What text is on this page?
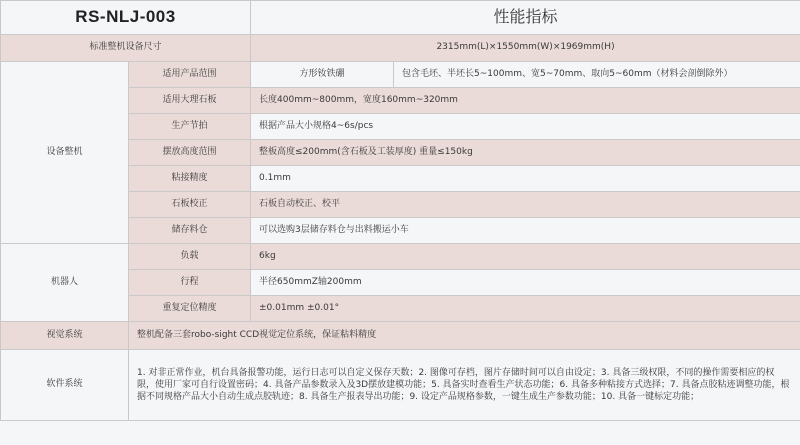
RS-NLJ-003		性能指标	
标准整机设备尺寸		2315mm(L)×1550mm(W)×1969mm(H)	
设备整机	适用产品范围	方形钕铁硼	包含毛坯、半坯长5~100mm、宽5~70mm、取向5~60mm（材料会剖倒除外）
	适用大理石板	长度400mm~800mm，宽度160mm~320mm	
	生产节拍	根据产品大小规格4~6s/pcs	
	摆放高度范围	整板高度≤200mm(含石板及工装厚度) 重量≤150kg	
	粘接精度	0.1mm	
	石板校正	石板自动校正、校平	
	储存料仓	可以选购3层储存料仓与出料搬运小车	
机器人	负载	6kg	
	行程	半径650mmZ轴200mm	
	重复定位精度	±0.01mm ±0.01°	
视觉系统	整机配备三套robo-sight CCD视觉定位系统，保证粘料精度		
软件系统	1. 对非正常作业，机台具备报警功能，运行日志可以自定义保存天数；2. 图像可存档，图片存储时间可以自由设定；3. 具备三级权限，不同的操作需要相应的权限，使用厂家可自行设置密码；4. 具备产品参数录入及3D摆放建模功能；5. 具备实时查看生产状态功能；6. 具备多种粘接方式选择；7. 具备点胶粘迹调整功能，根据不同规格产品大小自动生成点胶轨迹；8. 具备生产报表导出功能；9. 设定产品规格参数，一键生成生产参数功能；10. 具备一键标定功能；		
